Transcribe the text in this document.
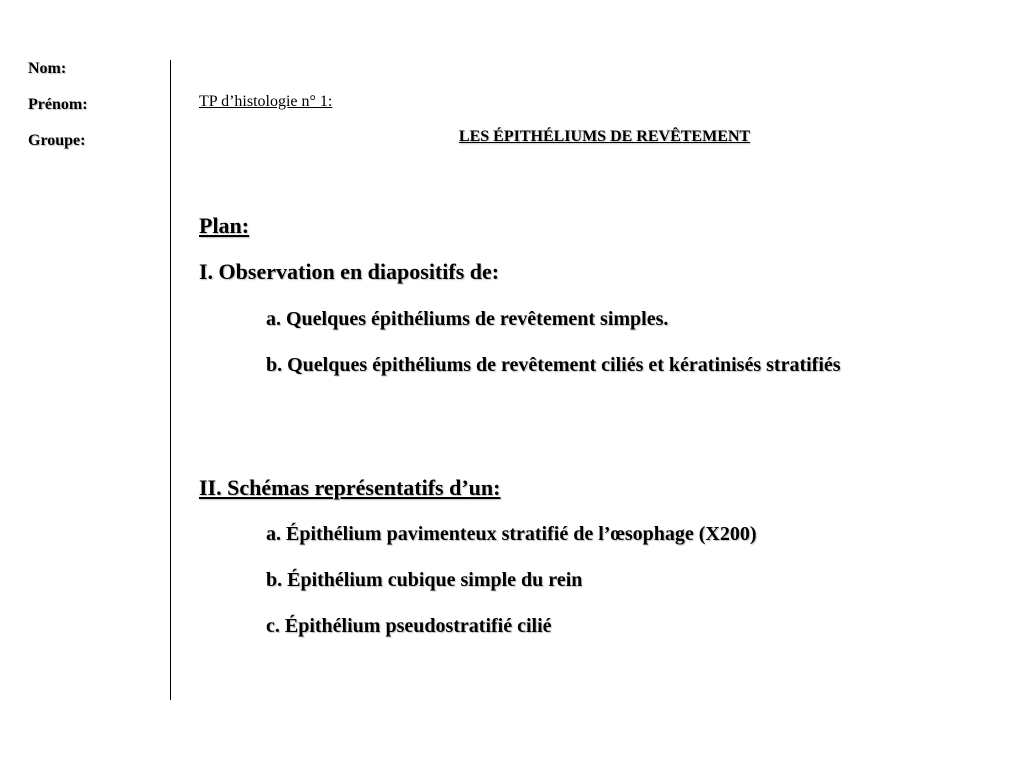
Nom:
Prénom:
Groupe:
TP d’histologie n° 1:
LES ÉPITHÉLIUMS DE REVÊTEMENT
Plan:
I. Observation en diapositifs de:
a. Quelques épithéliums de revêtement simples.
b. Quelques épithéliums de revêtement ciliés et kératinisés stratifiés
II. Schémas représentatifs d’un:
a. Épithélium pavimenteux stratifié de l’œsophage (X200)
b. Épithélium cubique simple du rein
c. Épithélium pseudostratifié cilié
